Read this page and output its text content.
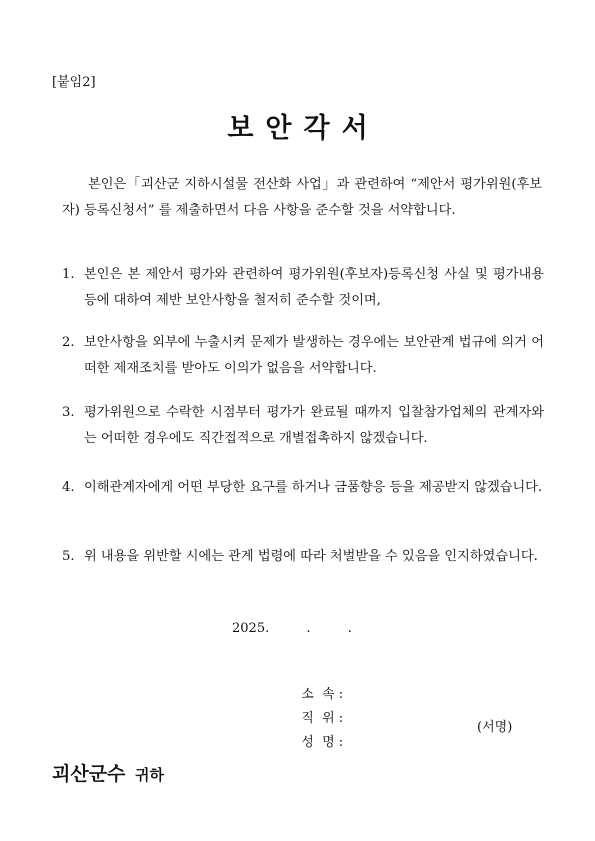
[붙임2]
보안각서
본인은「괴산군 지하시설물 전산화 사업」과 관련하여 “제안서 평가위원(후보자) 등록신청서” 를 제출하면서 다음 사항을 준수할 것을 서약합니다.
1. 본인은 본 제안서 평가와 관련하여 평가위원(후보자)등록신청 사실 및 평가내용 등에 대하여 제반 보안사항을 철저히 준수할 것이며,
2. 보안사항을 외부에 누출시켜 문제가 발생하는 경우에는 보안관계 법규에 의거 어떠한 제재조치를 받아도 이의가 없음을 서약합니다.
3. 평가위원으로 수락한 시점부터 평가가 완료될 때까지 입찰참가업체의 관계자와는 어떠한 경우에도 직간접적으로 개별접촉하지 않겠습니다.
4. 이해관계자에게 어떤 부당한 요구를 하거나 금품향응 등을 제공받지 않겠습니다.
5. 위 내용을 위반할 시에는 관계 법령에 따라 처벌받을 수 있음을 인지하였습니다.
2025.         .         .

소  속 :

직  위 :

성  명 :

(서명)
괴산군수 귀하
